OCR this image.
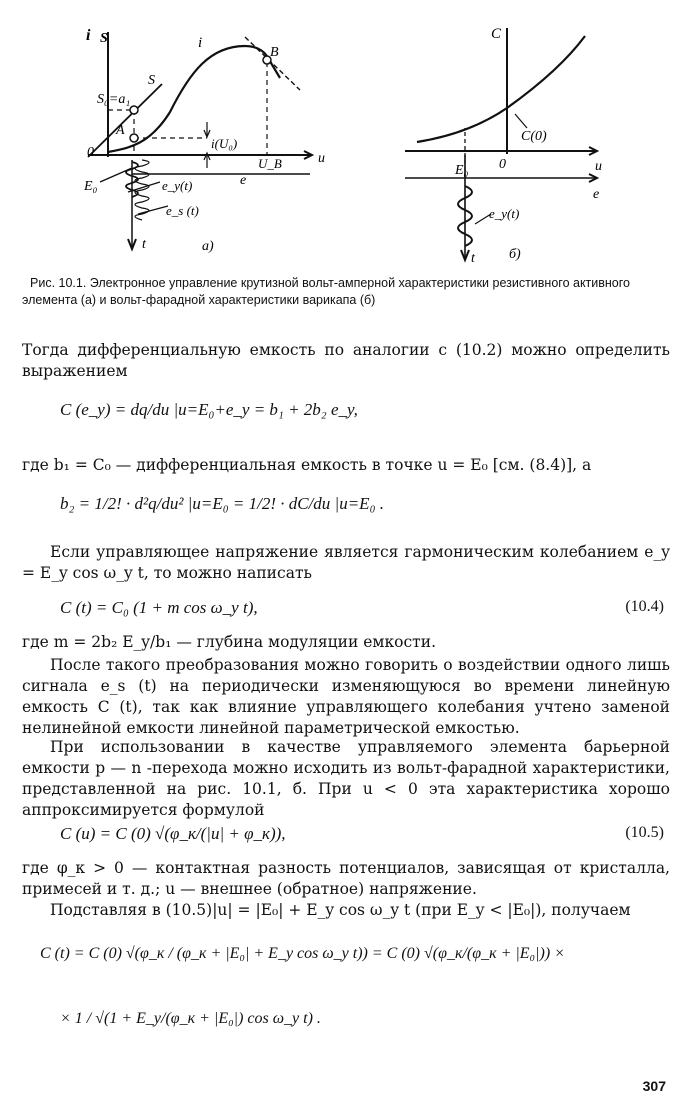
i S	i
S
S₀=a₁
A
B
0
i(U₀)
u
U_B
e
E₀	e_y(t)
e_s (t)
t	а)
C
C(0)
0	u
E₀
e
e_y(t)
t б)
Рис. 10.1. Электронное управление крутизной вольт-амперной характеристики резистивного активного элемента (а) и вольт-фарадной характеристики варикапа (б)
Тогда дифференциальную емкость по аналогии с (10.2) можно определить выражением
C (e_y) = dq/du |u=E₀+e_y = b₁ + 2b₂ e_y,
где b₁ = C₀ — дифференциальная емкость в точке u = E₀ [см. (8.4)], а
b₂ = 1/2! · d²q/du² |u=E₀ = 1/2! · dC/du |u=E₀ .
Если управляющее напряжение является гармоническим колебанием e_y = E_y cos ω_y t, то можно написать
C (t) = C₀ (1 + m cos ω_y t),	(10.4)
где m = 2b₂ E_y/b₁ — глубина модуляции емкости.
После такого преобразования можно говорить о воздействии одного лишь сигнала e_s (t) на периодически изменяющуюся во времени линейную емкость C (t), так как влияние управляющего колебания учтено заменой нелинейной емкости линейной параметрической емкостью.
При использовании в качестве управляемого элемента барьерной емкости p — n -перехода можно исходить из вольт-фарадной характеристики, представленной на рис. 10.1, б. При u < 0 эта характеристика хорошо аппроксимируется формулой
C (u) = C (0) √(φ_к/(|u| + φ_к)),	(10.5)
где φ_к > 0 — контактная разность потенциалов, зависящая от кристалла, примесей и т. д.; u — внешнее (обратное) напряжение.
Подставляя в (10.5)|u| = |E₀| + E_y cos ω_y t (при E_y < |E₀|), получаем
C (t) = C (0) √(φ_к / (φ_к + |E₀| + E_y cos ω_y t)) = C (0) √(φ_к/(φ_к + |E₀|)) ×
× 1 / √(1 + E_y/(φ_к + |E₀|) cos ω_y t) .
307
